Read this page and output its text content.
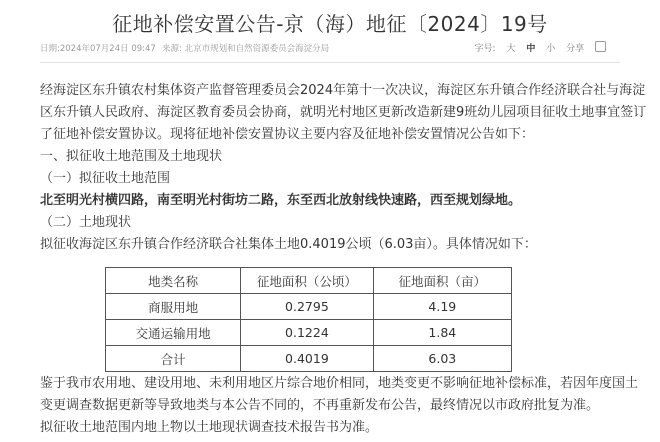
征地补偿安置公告-京（海）地征〔2024〕19号
日期:2024年07月24日 09:47 来源: 北京市规划和自然资源委员会海淀分局	字号: 大 中 小 分享

经海淀区东升镇农村集体资产监督管理委员会2024年第十一次决议，海淀区东升镇合作经济联合社与海淀

区东升镇人民政府、海淀区教育委员会协商，就明光村地区更新改造新建9班幼儿园项目征收土地事宜签订

了征地补偿安置协议。现将征地补偿安置协议主要内容及征地补偿安置情况公告如下：

一、拟征收土地范围及土地现状

（一）拟征收土地范围

北至明光村横四路，南至明光村街坊二路，东至西北放射线快速路，西至规划绿地。

（二）土地现状

拟征收海淀区东升镇合作经济联合社集体土地0.4019公顷（6.03亩）。具体情况如下：

地类名称	征地面积（公顷）	征地面积（亩）
商服用地	0.2795	4.19
交通运输用地	0.1224	1.84
合计	0.4019	6.03

鉴于我市农用地、建设用地、未利用地区片综合地价相同，地类变更不影响征地补偿标准，若因年度国土

变更调查数据更新等导致地类与本公告不同的，不再重新发布公告，最终情况以市政府批复为准。

拟征收土地范围内地上物以土地现状调查技术报告书为准。
